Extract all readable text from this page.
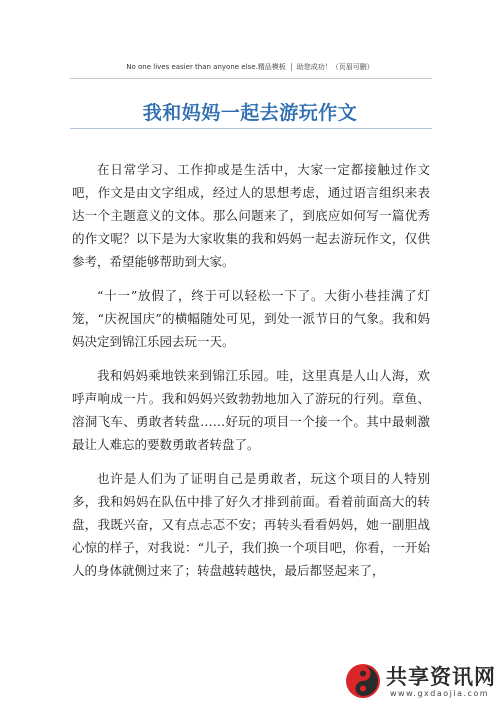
No one lives easier than anyone else.精品模板 助您成功！（页眉可删）
我和妈妈一起去游玩作文

在日常学习、工作抑或是生活中，大家一定都接触过作文吧，作文是由文字组成，经过人的思想考虑，通过语言组织来表达一个主题意义的文体。那么问题来了，到底应如何写一篇优秀的作文呢？以下是为大家收集的我和妈妈一起去游玩作文，仅供参考，希望能够帮助到大家。

“十一”放假了，终于可以轻松一下了。大街小巷挂满了灯笼，“庆祝国庆”的横幅随处可见，到处一派节日的气象。我和妈妈决定到锦江乐园去玩一天。

我和妈妈乘地铁来到锦江乐园。哇，这里真是人山人海，欢呼声响成一片。我和妈妈兴致勃勃地加入了游玩的行列。章鱼、溶洞飞车、勇敢者转盘……好玩的项目一个接一个。其中最刺激最让人难忘的要数勇敢者转盘了。

也许是人们为了证明自己是勇敢者，玩这个项目的人特别多，我和妈妈在队伍中排了好久才排到前面。看着前面高大的转盘，我既兴奋，又有点忐忑不安；再转头看看妈妈，她一副胆战心惊的样子，对我说：“儿子，我们换一个项目吧，你看，一开始人的身体就侧过来了；转盘越转越快，最后都竖起来了，

共享资讯网
www.gxdaojia.com
